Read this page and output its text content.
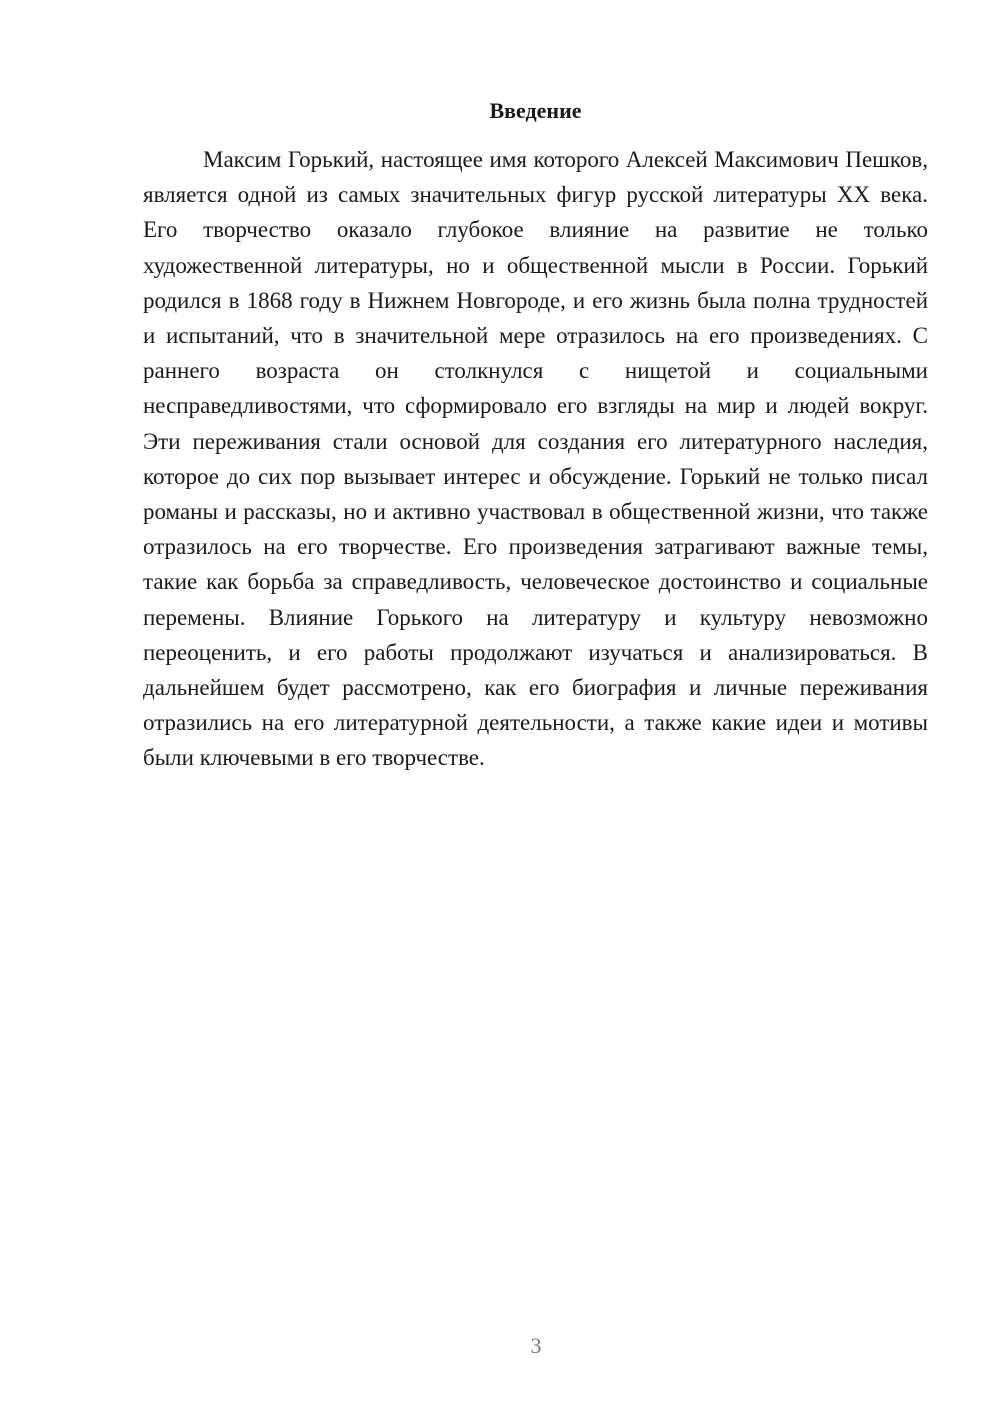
Введение

Максим Горький, настоящее имя которого Алексей Максимович Пешков, является одной из самых значительных фигур русской литературы XX века. Его творчество оказало глубокое влияние на развитие не только художественной литературы, но и общественной мысли в России. Горький родился в 1868 году в Нижнем Новгороде, и его жизнь была полна трудностей и испытаний, что в значительной мере отразилось на его произведениях. С раннего возраста он столкнулся с нищетой и социальными несправедливостями, что сформировало его взгляды на мир и людей вокруг. Эти переживания стали основой для создания его литературного наследия, которое до сих пор вызывает интерес и обсуждение. Горький не только писал романы и рассказы, но и активно участвовал в общественной жизни, что также отразилось на его творчестве. Его произведения затрагивают важные темы, такие как борьба за справедливость, человеческое достоинство и социальные перемены. Влияние Горького на литературу и культуру невозможно переоценить, и его работы продолжают изучаться и анализироваться. В дальнейшем будет рассмотрено, как его биография и личные переживания отразились на его литературной деятельности, а также какие идеи и мотивы были ключевыми в его творчестве.

3
